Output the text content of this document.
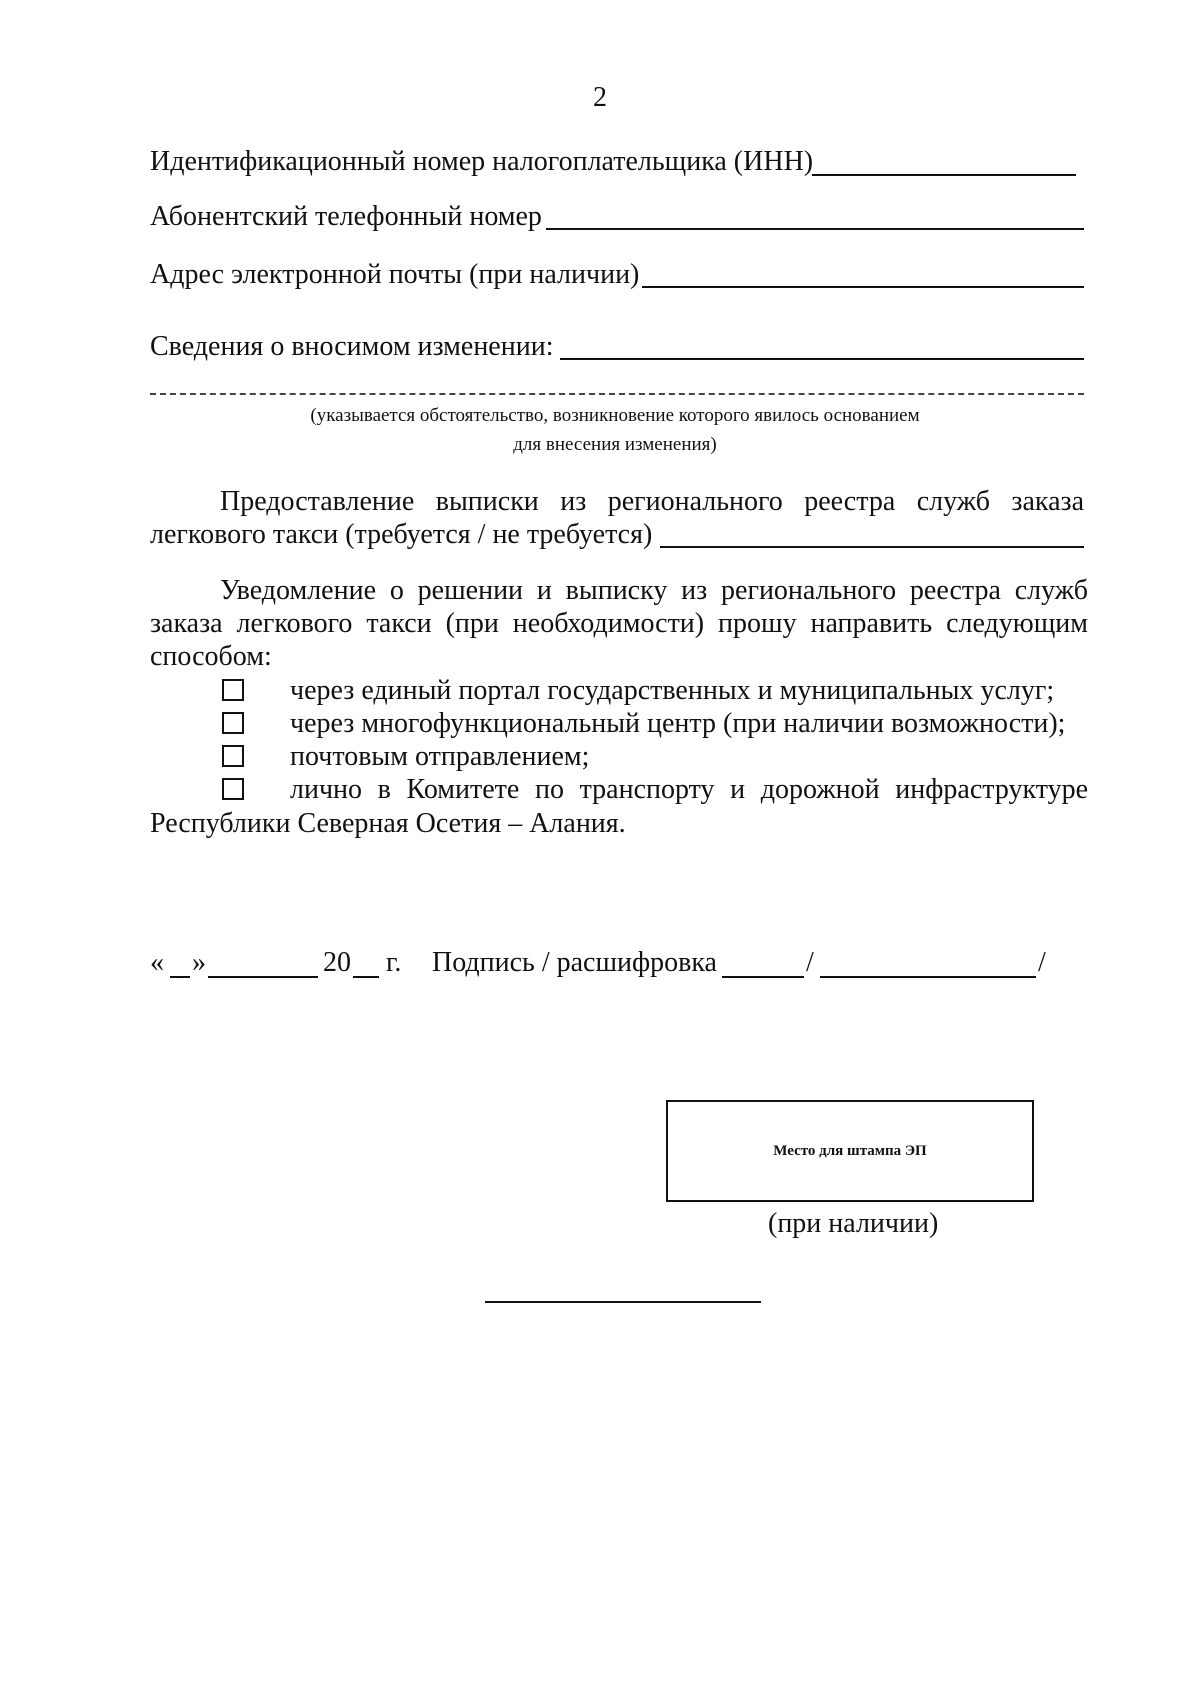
2
Идентификационный номер налогоплательщика (ИНН)
Абонентский телефонный номер
Адрес электронной почты (при наличии)
Сведения о вносимом изменении:
(указывается обстоятельство, возникновение которого явилось основанием
для внесения изменения)
Предоставление выписки из регионального реестра служб заказа
легкового такси (требуется / не требуется)
Уведомление о решении и выписку из регионального реестра служб
заказа легкового такси (при необходимости) прошу направить следующим
способом:
через единый портал государственных и муниципальных услуг;
через многофункциональный центр (при наличии возможности);
почтовым отправлением;
лично в Комитете по транспорту и дорожной инфраструктуре
Республики Северная Осетия – Алания.
« »	20 г. Подпись / расшифровка	/	/
Место для штампа ЭП
(при наличии)
